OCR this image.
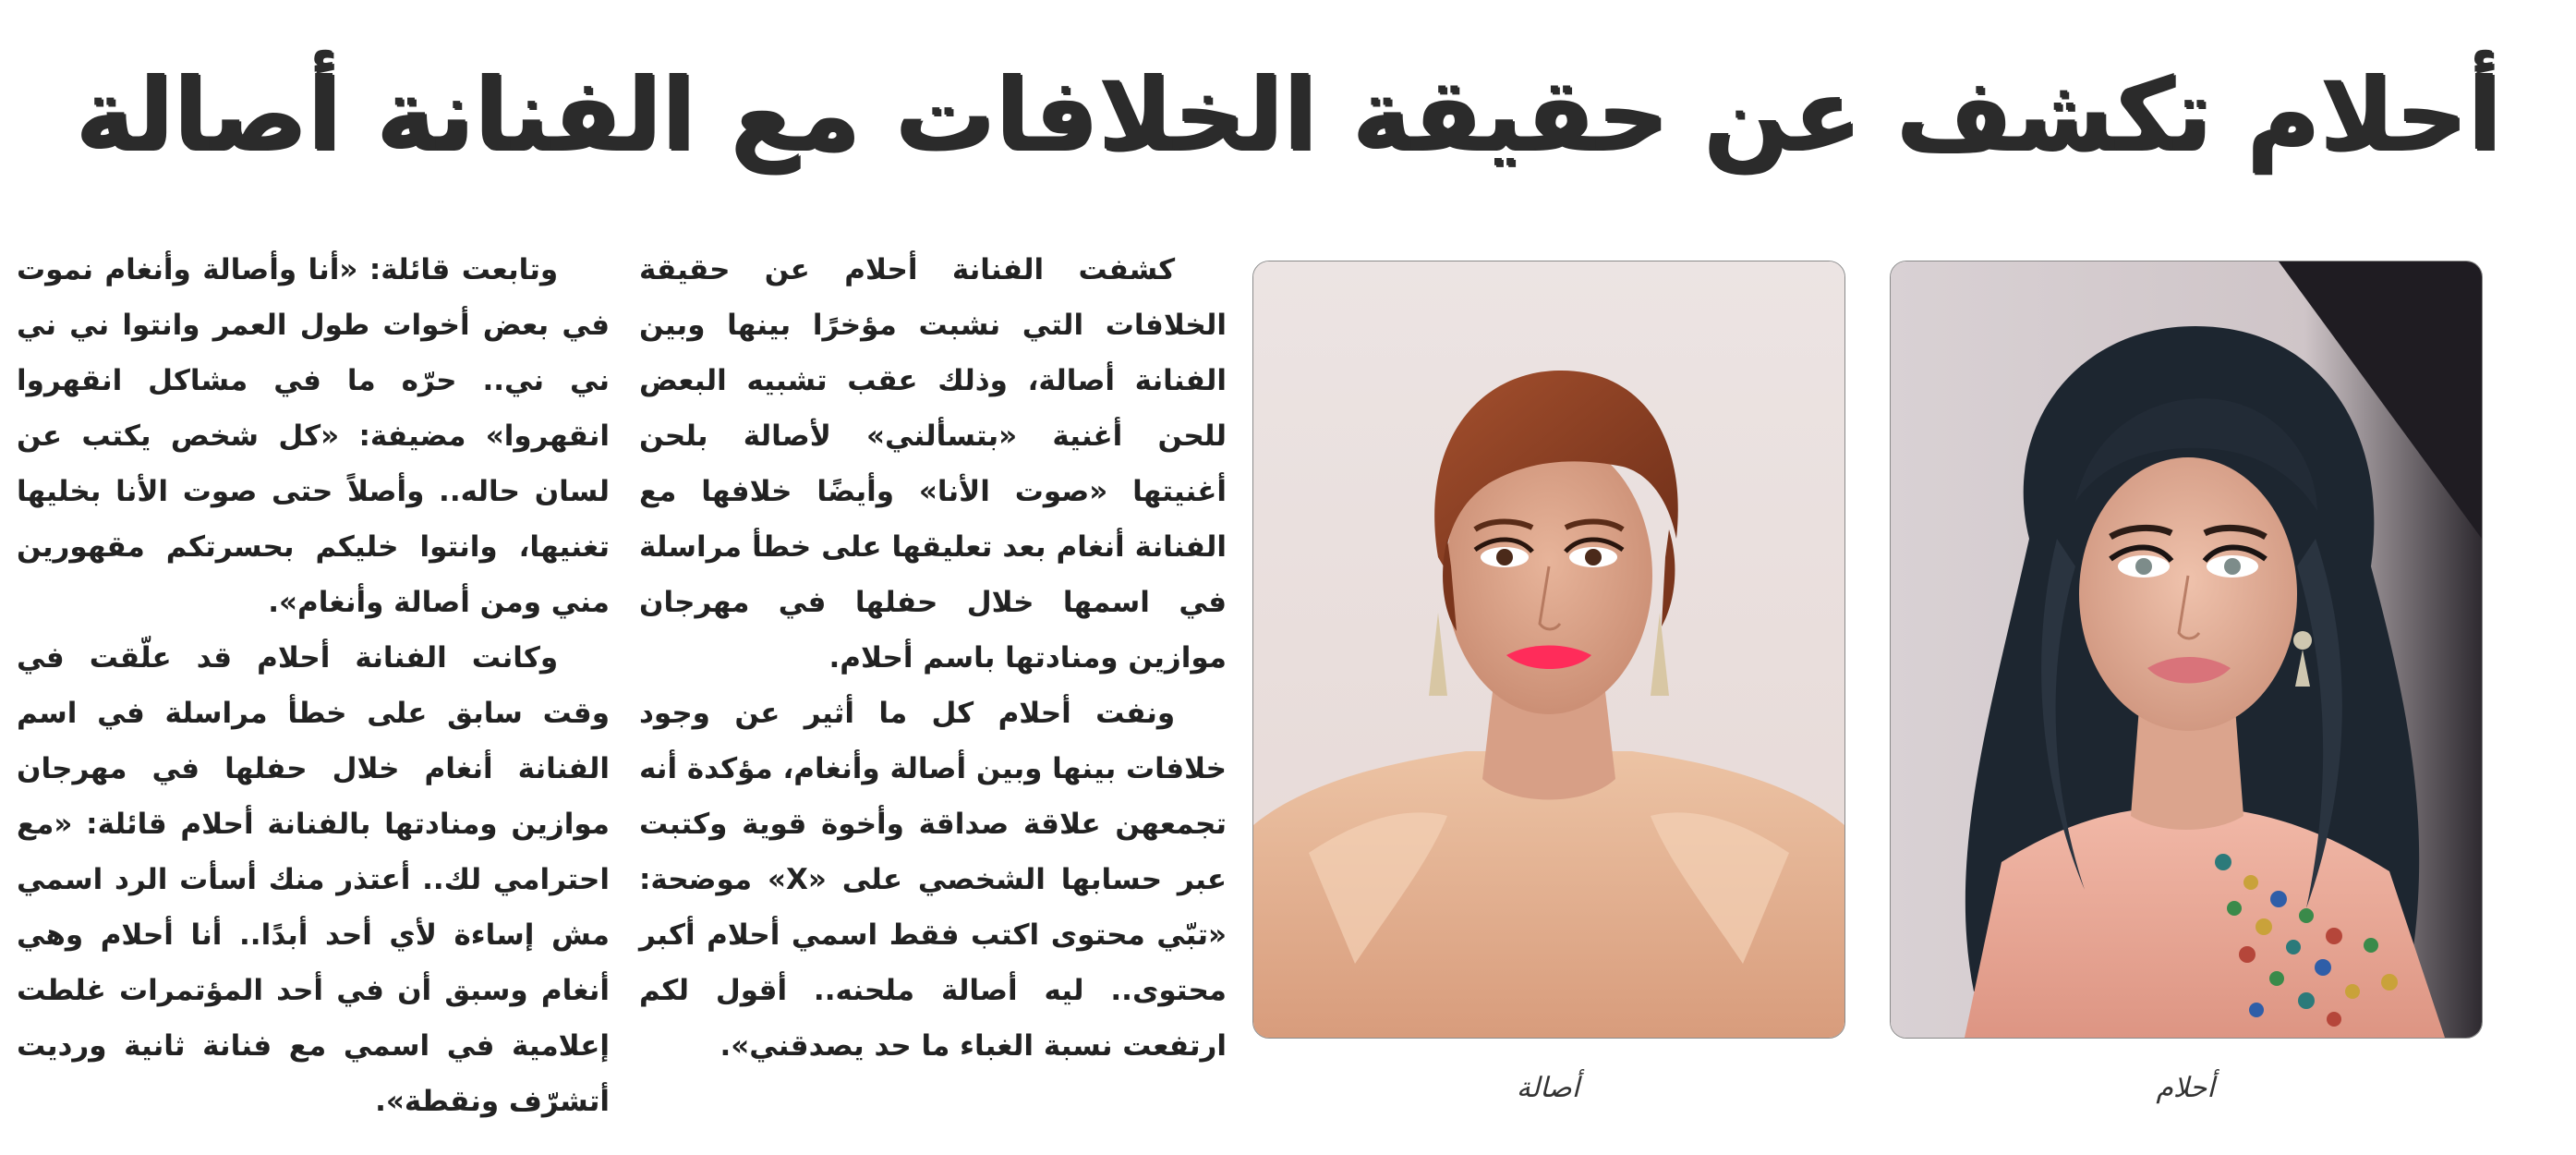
أحلام تكشف عن حقيقة الخلافات مع الفنانة أصالة

كشفت الفنانة أحلام عن حقيقة الخلافات التي نشبت مؤخرًا بينها وبين الفنانة أصالة، وذلك عقب تشبيه البعض للحن أغنية «بتسألني» لأصالة بلحن أغنيتها «صوت الأنا» وأيضًا خلافها مع الفنانة أنغام بعد تعليقها على خطأ مراسلة في اسمها خلال حفلها في مهرجان موازين ومنادتها باسم أحلام.

ونفت أحلام كل ما أثير عن وجود خلافات بينها وبين أصالة وأنغام، مؤكدة أنه تجمعهن علاقة صداقة وأخوة قوية وكتبت عبر حسابها الشخصي على «X» موضحة: «تبّي محتوى اكتب فقط اسمي أحلام أكبر محتوى.. ليه أصالة ملحنه.. أقول لكم ارتفعت نسبة الغباء ما حد يصدقني».

وتابعت قائلة: «أنا وأصالة وأنغام نموت في بعض أخوات طول العمر وانتوا ني ني ني ني.. حرّه ما في مشاكل انقهروا انقهروا» مضيفة: «كل شخص يكتب عن لسان حاله.. وأصلاً حتى صوت الأنا بخليها تغنيها، وانتوا خليكم بحسرتكم مقهورين مني ومن أصالة وأنغام».

وكانت الفنانة أحلام قد علّقت في وقت سابق على خطأ مراسلة في اسم الفنانة أنغام خلال حفلها في مهرجان موازين ومنادتها بالفنانة أحلام قائلة: «مع احترامي لك.. أعتذر منك أسأت الرد اسمي مش إساءة لأي أحد أبدًا.. أنا أحلام وهي أنغام وسبق أن في أحد المؤتمرات غلطت إعلامية في اسمي مع فنانة ثانية ورديت أتشرّف ونقطة».	أصالة	أحلام
